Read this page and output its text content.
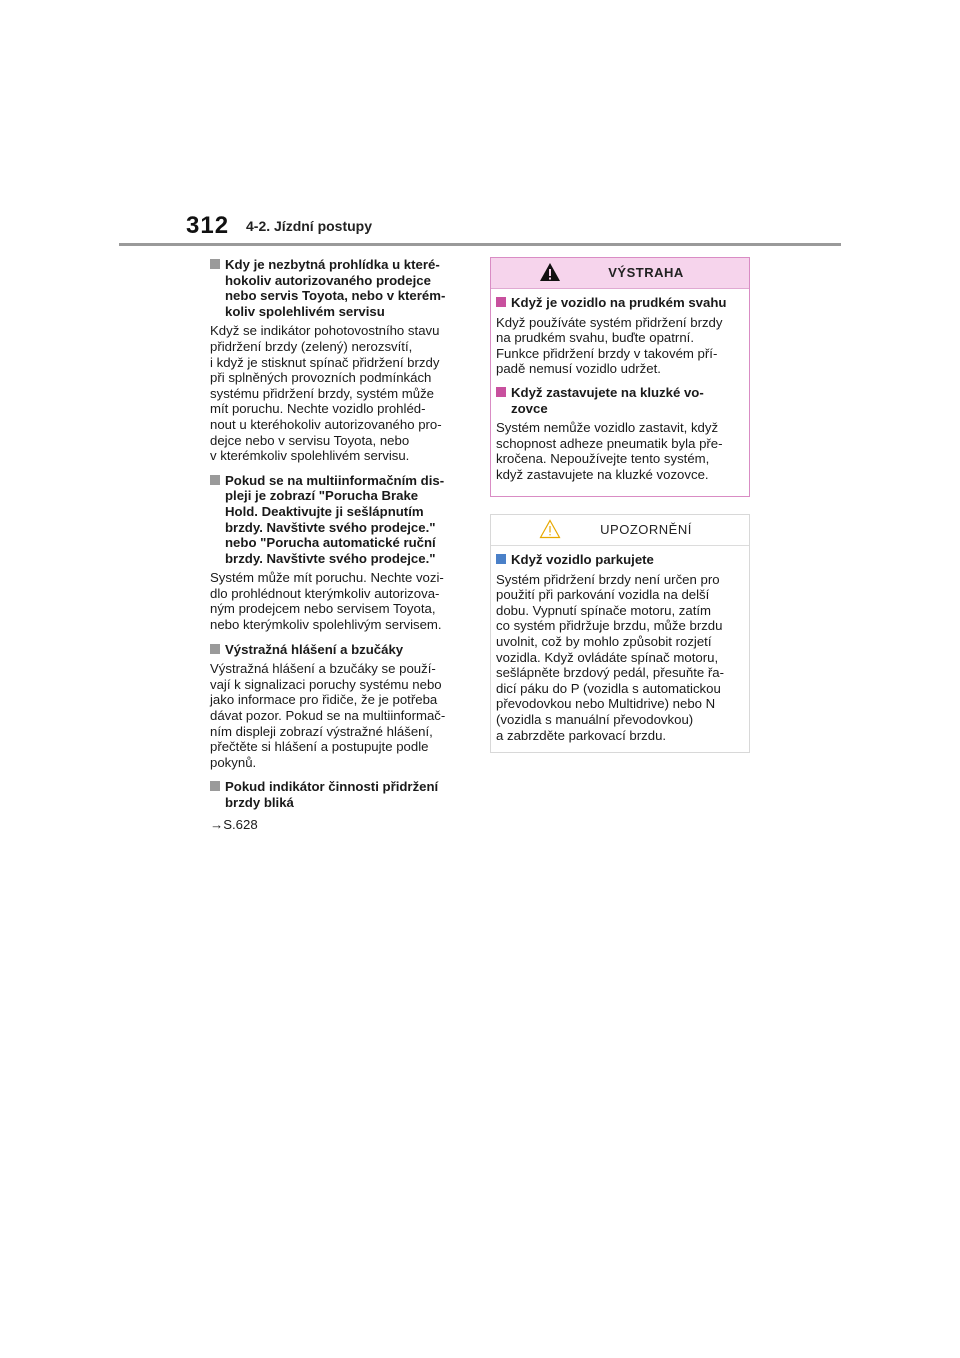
312 4-2. Jízdní postupy
Kdy je nezbytná prohlídka u které-
hokoliv autorizovaného prodejce
nebo servis Toyota, nebo v kterém-
koliv spolehlivém servisu
Když se indikátor pohotovostního stavu
přidržení brzdy (zelený) nerozsvítí,
i když je stisknut spínač přidržení brzdy
při splněných provozních podmínkách
systému přidržení brzdy, systém může
mít poruchu. Nechte vozidlo prohléd-
nout u kteréhokoliv autorizovaného pro-
dejce nebo v servisu Toyota, nebo
v kterémkoliv spolehlivém servisu.
Pokud se na multiinformačním dis-
pleji je zobrazí "Porucha Brake
Hold. Deaktivujte ji sešlápnutím
brzdy. Navštivte svého prodejce."
nebo "Porucha automatické ruční
brzdy. Navštivte svého prodejce."
Systém může mít poruchu. Nechte vozi-
dlo prohlédnout kterýmkoliv autorizova-
ným prodejcem nebo servisem Toyota,
nebo kterýmkoliv spolehlivým servisem.
Výstražná hlášení a bzučáky
Výstražná hlášení a bzučáky se použí-
vají k signalizaci poruchy systému nebo
jako informace pro řidiče, že je potřeba
dávat pozor. Pokud se na multiinformač-
ním displeji zobrazí výstražné hlášení,
přečtěte si hlášení a postupujte podle
pokynů.
Pokud indikátor činnosti přidržení
brzdy bliká
→S.628
VÝSTRAHA
Když je vozidlo na prudkém svahu
Když používáte systém přidržení brzdy
na prudkém svahu, buďte opatrní.
Funkce přidržení brzdy v takovém pří-
padě nemusí vozidlo udržet.
Když zastavujete na kluzké vo-
zovce
Systém nemůže vozidlo zastavit, když
schopnost adheze pneumatik byla pře-
kročena. Nepoužívejte tento systém,
když zastavujete na kluzké vozovce.
UPOZORNĚNÍ
Když vozidlo parkujete
Systém přidržení brzdy není určen pro
použití při parkování vozidla na delší
dobu. Vypnutí spínače motoru, zatím
co systém přidržuje brzdu, může brzdu
uvolnit, což by mohlo způsobit rozjetí
vozidla. Když ovládáte spínač motoru,
sešlápněte brzdový pedál, přesuňte řa-
dicí páku do P (vozidla s automatickou
převodovkou nebo Multidrive) nebo N
(vozidla s manuální převodovkou)
a zabrzděte parkovací brzdu.
